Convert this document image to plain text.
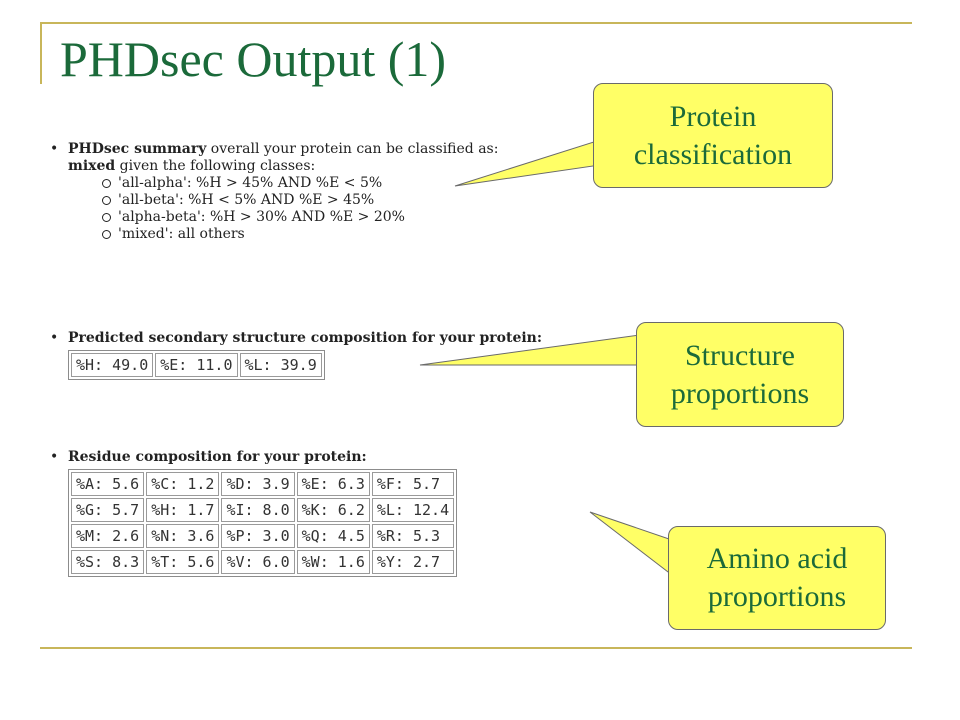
PHDsec Output (1)
• PHDsec summary overall your protein can be classified as:
mixed given the following classes:
'all-alpha': %H > 45% AND %E < 5%
'all-beta': %H < 5% AND %E > 45%
'alpha-beta': %H > 30% AND %E > 20%
'mixed': all others
• Predicted secondary structure composition for your protein:
%H: 49.0	%E: 11.0	%L: 39.9
• Residue composition for your protein:
%A: 5.6	%C: 1.2	%D: 3.9	%E: 6.3	%F: 5.7
%G: 5.7	%H: 1.7	%I: 8.0	%K: 6.2	%L: 12.4
%M: 2.6	%N: 3.6	%P: 3.0	%Q: 4.5	%R: 5.3
%S: 8.3	%T: 5.6	%V: 6.0	%W: 1.6	%Y: 2.7
Protein
classification
Structure
proportions
Amino acid
proportions
